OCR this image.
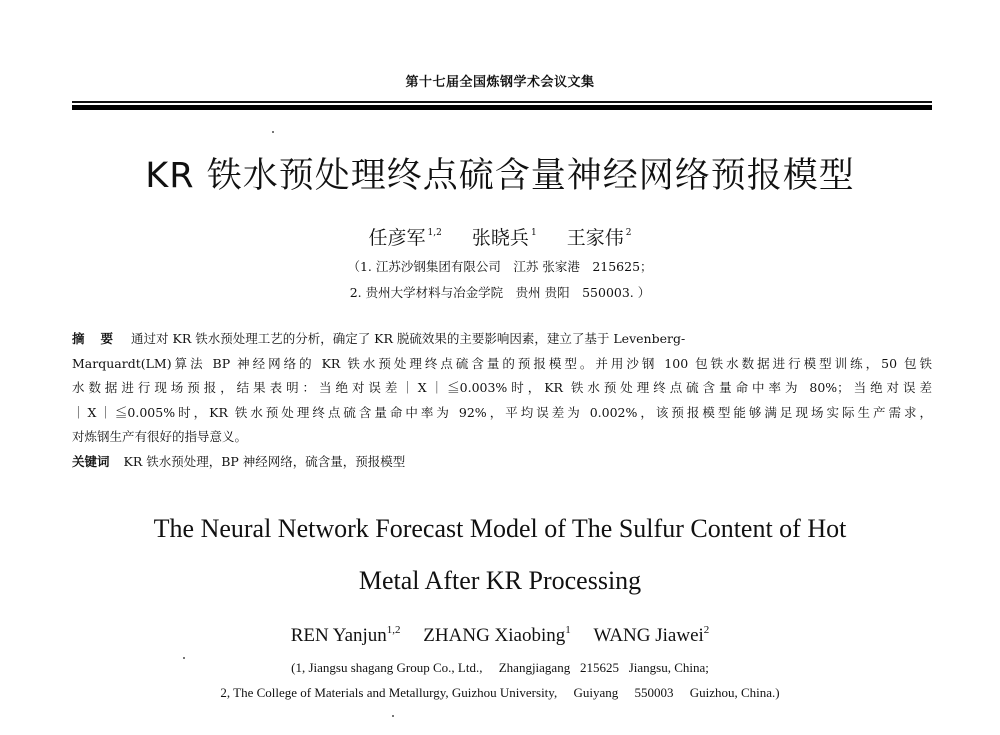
第十七届全国炼钢学术会议文集
KR 铁水预处理终点硫含量神经网络预报模型
任彦军 $^{1,2}$ 张晓兵 $^1$ 王家伟 $^2$
（1. 江苏沙钢集团有限公司　江苏 张家港　215625；
2. 贵州大学材料与冶金学院　贵州 贵阳　550003. ）
摘要 通过对 KR 铁水预处理工艺的分析，确定了 KR 脱硫效果的主要影响因素，建立了基于 Levenberg-
Marquardt(LM)算法 BP 神经网络的 KR 铁水预处理终点硫含量的预报模型。并用沙钢 100 包铁水数据进行模型训练，50 包铁
水数据进行现场预报，结果表明：当绝对误差｜X｜≦0.003%时，KR 铁水预处理终点硫含量命中率为 80%；当绝对误差
｜X｜≦0.005%时，KR 铁水预处理终点硫含量命中率为 92%，平均误差为 0.002%，该预报模型能够满足现场实际生产需求，
对炼钢生产有很好的指导意义。
关键词 KR 铁水预处理，BP 神经网络，硫含量，预报模型
The Neural Network Forecast Model of The Sulfur Content of Hot
Metal After KR Processing
REN Yanjun$^{1,2}$ ZHANG Xiaobing$^1$ WANG Jiawei$^2$
(1, Jiangsu shagang Group Co., Ltd.,     Zhangjiagang   215625   Jiangsu, China;
2, The College of Materials and Metallurgy, Guizhou University,     Guiyang     550003     Guizhou, China.)
